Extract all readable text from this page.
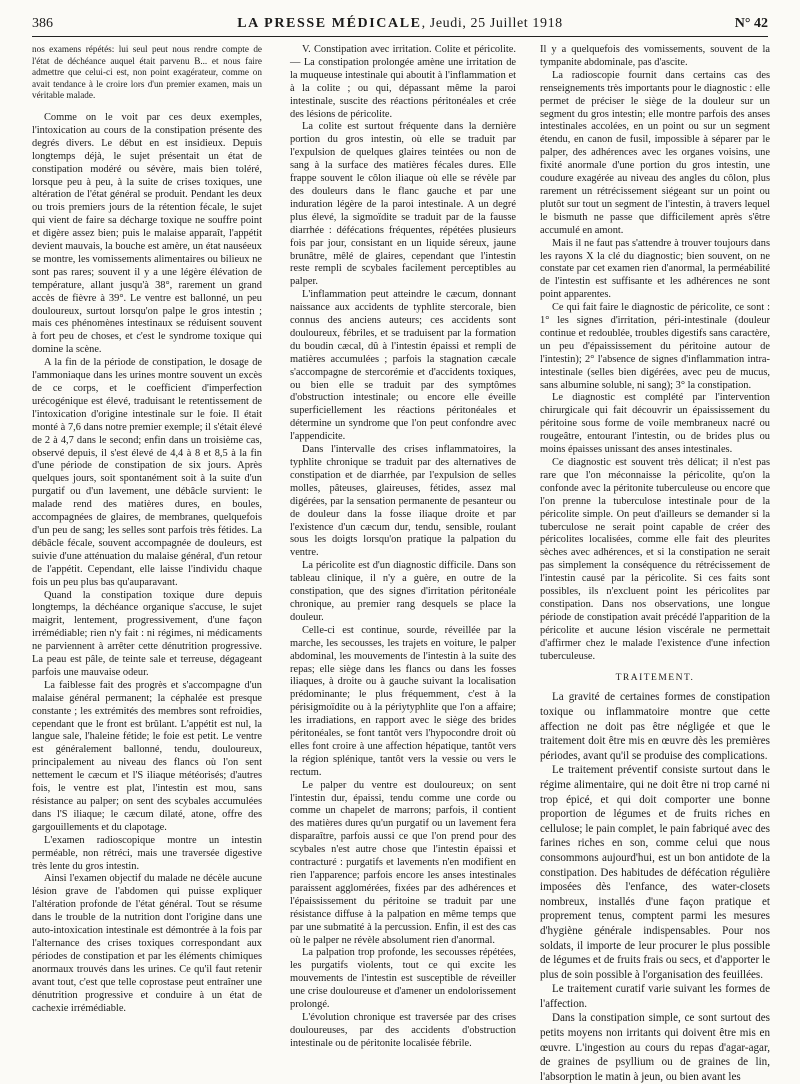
386	LA PRESSE MÉDICALE, Jeudi, 25 Juillet 1918	N° 42

nos examens répétés: lui seul peut nous rendre compte de l'état de déchéance auquel était parvenu B... et nous faire admettre que celui-ci est, non point exagérateur, comme on avait tendance à le croire lors d'un premier examen, mais un véritable malade.

Comme on le voit par ces deux exemples, l'intoxication au cours de la constipation présente des degrés divers. Le début en est insidieux. Depuis longtemps déjà, le sujet présentait un état de constipation modéré ou sévère, mais bien toléré, lorsque peu à peu, à la suite de crises toxiques, une altération de l'état général se produit. Pendant les deux ou trois premiers jours de la rétention fécale, le sujet qui vient de faire sa décharge toxique ne souffre point et digère assez bien; puis le malaise apparaît, l'appétit devient mauvais, la bouche est amère, un état nauséeux se montre, les vomissements alimentaires ou bilieux ne sont pas rares; souvent il y a une légère élévation de température, allant jusqu'à 38°, rarement un grand accès de fièvre à 39°. Le ventre est ballonné, un peu douloureux, surtout lorsqu'on palpe le gros intestin ; mais ces phénomènes intestinaux se réduisent souvent à fort peu de choses, et c'est le syndrome toxique qui domine la scène.

A la fin de la période de constipation, le dosage de l'ammoniaque dans les urines montre souvent un excès de ce corps, et le coefficient d'imperfection urécogénique est élevé, traduisant le retentissement de l'intoxication d'origine intestinale sur le foie. Il était monté à 7,6 dans notre premier exemple; il s'était élevé de 2 à 4,7 dans le second; enfin dans un troisième cas, observé depuis, il s'est élevé de 4,4 à 8 et 8,5 à la fin d'une période de constipation de six jours. Après quelques jours, soit spontanément soit à la suite d'un purgatif ou d'un lavement, une débâcle survient: le malade rend des matières dures, en boules, accompagnées de glaires, de membranes, quelquefois d'un peu de sang; les selles sont parfois très fétides. La débâcle fécale, souvent accompagnée de douleurs, est suivie d'une atténuation du malaise général, d'un retour de l'appétit. Cependant, elle laisse l'individu chaque fois un peu plus bas qu'auparavant.

Quand la constipation toxique dure depuis longtemps, la déchéance organique s'accuse, le sujet maigrit, lentement, progressivement, d'une façon irrémédiable; rien n'y fait : ni régimes, ni médicaments ne parviennent à arrêter cette dénutrition progressive. La peau est pâle, de teinte sale et terreuse, dégageant parfois une mauvaise odeur.

La faiblesse fait des progrès et s'accompagne d'un malaise général permanent; la céphalée est presque constante ; les extrémités des membres sont refroidies, cependant que le front est brûlant. L'appétit est nul, la langue sale, l'haleine fétide; le foie est petit. Le ventre est généralement ballonné, tendu, douloureux, principalement au niveau des flancs où l'on sent nettement le cæcum et l'S iliaque météorisés; d'autres fois, le ventre est plat, l'intestin est mou, sans résistance au palper; on sent des scybales accumulées dans l'S iliaque; le cæcum dilaté, atone, offre des gargouillements et du clapotage.

L'examen radioscopique montre un intestin perméable, non rétréci, mais une traversée digestive très lente du gros intestin.

Ainsi l'examen objectif du malade ne décèle aucune lésion grave de l'abdomen qui puisse expliquer l'altération profonde de l'état général. Tout se résume dans le trouble de la nutrition dont l'origine dans une auto-intoxication intestinale est démontrée à la fois par l'alternance des crises toxiques correspondant aux périodes de constipation et par les éléments chimiques anormaux trouvés dans les urines. Ce qu'il faut retenir avant tout, c'est que telle coprostase peut entraîner une dénutrition progressive et conduire à un état de cachexie irrémédiable.

V. Constipation avec irritation. Colite et péricolite. — La constipation prolongée amène une irritation de la muqueuse intestinale qui aboutit à l'inflammation et à la colite ; ou qui, dépassant même la paroi intestinale, suscite des réactions péritonéales et crée des lésions de péricolite.

La colite est surtout fréquente dans la dernière portion du gros intestin, où elle se traduit par l'expulsion de quelques glaires teintées ou non de sang à la surface des matières fécales dures. Elle frappe souvent le côlon iliaque où elle se révèle par des douleurs dans le flanc gauche et par une induration légère de la paroi intestinale. A un degré plus élevé, la sigmoïdite se traduit par de la fausse diarrhée : défécations fréquentes, répétées plusieurs fois par jour, consistant en un liquide séreux, jaune brunâtre, mêlé de glaires, cependant que l'intestin reste rempli de scybales facilement perceptibles au palper.

L'inflammation peut atteindre le cæcum, donnant naissance aux accidents de typhlite stercorale, bien connus des anciens auteurs; ces accidents sont douloureux, fébriles, et se traduisent par la formation du boudin cæcal, dû à l'intestin épaissi et rempli de matières accumulées ; parfois la stagnation cæcale s'accompagne de stercorémie et d'accidents toxiques, ou bien elle se traduit par des symptômes d'obstruction intestinale; ou encore elle éveille superficiellement les réactions péritonéales et détermine un syndrome que l'on peut confondre avec l'appendicite.

Dans l'intervalle des crises inflammatoires, la typhlite chronique se traduit par des alternatives de constipation et de diarrhée, par l'expulsion de selles molles, pâteuses, glaireuses, fétides, assez mal digérées, par la sensation permanente de pesanteur ou de douleur dans la fosse iliaque droite et par l'existence d'un cæcum dur, tendu, sensible, roulant sous les doigts lorsqu'on pratique la palpation du ventre.

La péricolite est d'un diagnostic difficile. Dans son tableau clinique, il n'y a guère, en outre de la constipation, que des signes d'irritation péritonéale chronique, au premier rang desquels se place la douleur.

Celle-ci est continue, sourde, réveillée par la marche, les secousses, les trajets en voiture, le palper abdominal, les mouvements de l'intestin à la suite des repas; elle siège dans les flancs ou dans les fosses iliaques, à droite ou à gauche suivant la localisation prédominante; le plus fréquemment, c'est à la périsigmoïdite ou à la périytyphlite que l'on a affaire; les irradiations, en rapport avec le siège des brides péritonéales, se font tantôt vers l'hypocondre droit où elles font croire à une affection hépatique, tantôt vers la région splénique, tantôt vers la vessie ou vers le rectum.

Le palper du ventre est douloureux; on sent l'intestin dur, épaissi, tendu comme une corde ou comme un chapelet de marrons; parfois, il contient des matières dures qu'un purgatif ou un lavement fera disparaître, parfois aussi ce que l'on prend pour des scybales n'est autre chose que l'intestin épaissi et contracturé : purgatifs et lavements n'en modifient en rien l'apparence; parfois encore les anses intestinales paraissent agglomérées, fixées par des adhérences et l'épaississement du péritoine se traduit par une résistance diffuse à la palpation en même temps que par une submatité à la percussion. Enfin, il est des cas où le palper ne révèle absolument rien d'anormal.

La palpation trop profonde, les secousses répétées, les purgatifs violents, tout ce qui excite les mouvements de l'intestin est susceptible de réveiller une crise douloureuse et d'amener un endolorissement prolongé.

L'évolution chronique est traversée par des crises douloureuses, par des accidents d'obstruction intestinale ou de péritonite localisée fébrile.

Il y a quelquefois des vomissements, souvent de la tympanite abdominale, pas d'ascite.

La radioscopie fournit dans certains cas des renseignements très importants pour le diagnostic : elle permet de préciser le siège de la douleur sur un segment du gros intestin; elle montre parfois des anses intestinales accolées, en un point ou sur un segment étendu, en canon de fusil, impossible à séparer par le palper, des adhérences avec les organes voisins, une fixité anormale d'une portion du gros intestin, une coudure exagérée au niveau des angles du côlon, plus rarement un rétrécissement siégeant sur un point ou plutôt sur tout un segment de l'intestin, à travers lequel le bismuth ne passe que difficilement après s'être accumulé en amont.

Mais il ne faut pas s'attendre à trouver toujours dans les rayons X la clé du diagnostic; bien souvent, on ne constate par cet examen rien d'anormal, la perméabilité de l'intestin est suffisante et les adhérences ne sont point apparentes.

Ce qui fait faire le diagnostic de péricolite, ce sont : 1° les signes d'irritation, péri-intestinale (douleur continue et redoublée, troubles digestifs sans caractère, un peu d'épaississement du péritoine autour de l'intestin); 2° l'absence de signes d'inflammation intra-intestinale (selles bien digérées, avec peu de mucus, sans albumine soluble, ni sang); 3° la constipation.

Le diagnostic est complété par l'intervention chirurgicale qui fait découvrir un épaississement du péritoine sous forme de voile membraneux nacré ou rougeâtre, entourant l'intestin, ou de brides plus ou moins épaisses unissant des anses intestinales.

Ce diagnostic est souvent très délicat; il n'est pas rare que l'on méconnaisse la péricolite, qu'on la confonde avec la péritonite tuberculeuse ou encore que l'on prenne la tuberculose intestinale pour de la péricolite simple. On peut d'ailleurs se demander si la tuberculose ne serait point capable de créer des péricolites localisées, comme elle fait des pleurites sèches avec adhérences, et si la constipation ne serait pas simplement la conséquence du rétrécissement de l'intestin causé par la péricolite. Si ces faits sont possibles, ils n'excluent point les péricolites par constipation. Dans nos observations, une longue période de constipation avait précédé l'apparition de la péricolite et aucune lésion viscérale ne permettait d'affirmer chez le malade l'existence d'une infection tuberculeuse.

TRAITEMENT.

La gravité de certaines formes de constipation toxique ou inflammatoire montre que cette affection ne doit pas être négligée et que le traitement doit être mis en œuvre dès les premières périodes, avant qu'il se produise des complications.

Le traitement préventif consiste surtout dans le régime alimentaire, qui ne doit être ni trop carné ni trop épicé, et qui doit comporter une bonne proportion de légumes et de fruits riches en cellulose; le pain complet, le pain fabriqué avec des farines riches en son, comme celui que nous consommons aujourd'hui, est un bon antidote de la constipation. Des habitudes de défécation régulière imposées dès l'enfance, des water-closets nombreux, installés d'une façon pratique et proprement tenus, comptent parmi les mesures d'hygiène générale indispensables. Pour nos soldats, il importe de leur procurer le plus possible de légumes et de fruits frais ou secs, et d'apporter le plus de soin possible à l'organisation des feuillées.

Le traitement curatif varie suivant les formes de l'affection.

Dans la constipation simple, ce sont surtout des petits moyens non irritants qui doivent être mis en œuvre. L'ingestion au cours du repas d'agar-agar, de graines de psyllium ou de graines de lin, l'absorption le matin à jeun, ou bien avant les
